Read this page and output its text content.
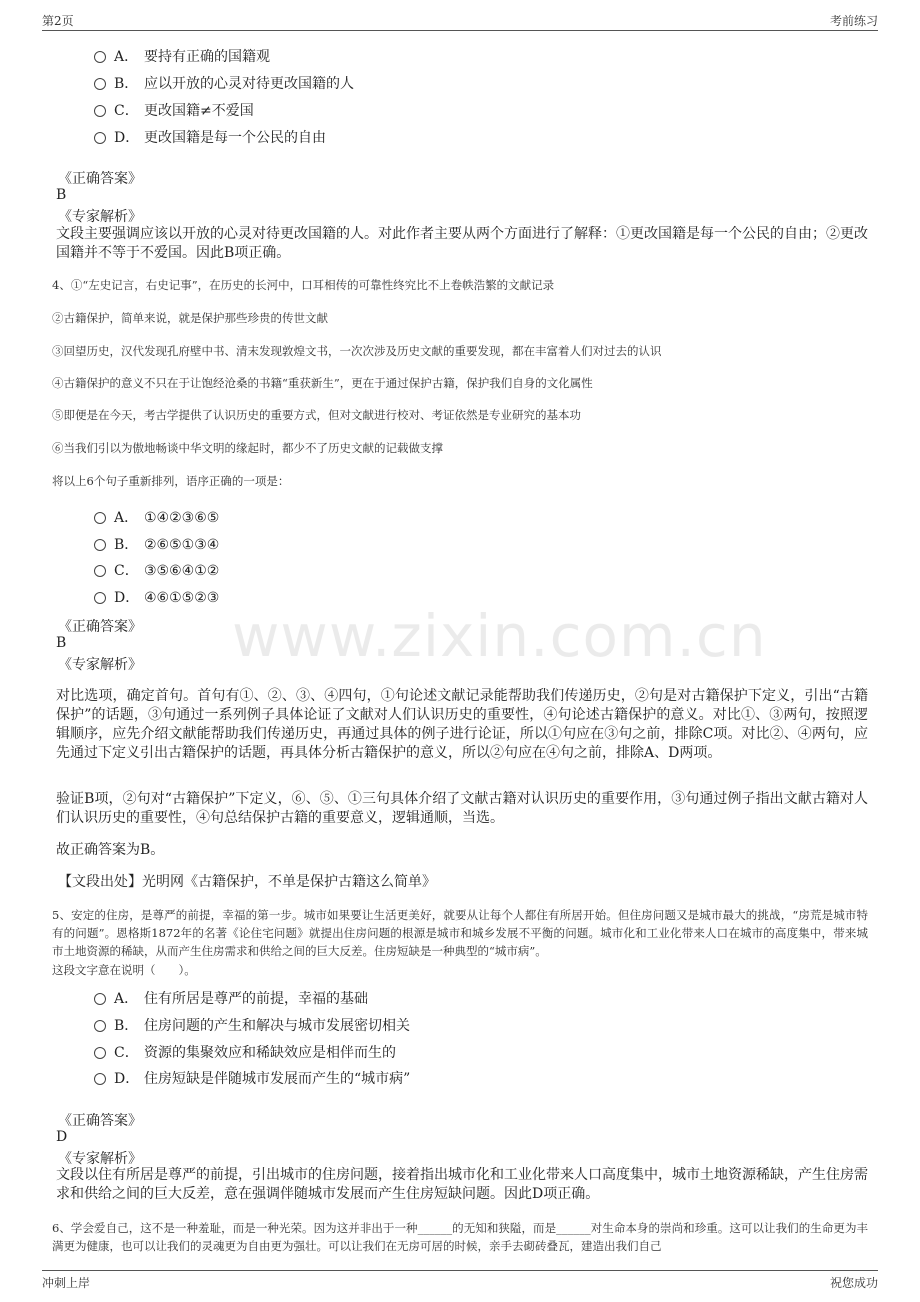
第2页	考前练习
www.zixin.com.cn
A． 要持有正确的国籍观
B． 应以开放的心灵对待更改国籍的人
C． 更改国籍≠不爱国
D． 更改国籍是每一个公民的自由
《正确答案》
B
《专家解析》
文段主要强调应该以开放的心灵对待更改国籍的人。对此作者主要从两个方面进行了解释：①更改国籍是每一个公民的自由；②更改国籍并不等于不爱国。因此B项正确。
4、①“左史记言，右史记事”，在历史的长河中，口耳相传的可靠性终究比不上卷帙浩繁的文献记录
②古籍保护，简单来说，就是保护那些珍贵的传世文献
③回望历史，汉代发现孔府壁中书、清末发现敦煌文书，一次次涉及历史文献的重要发现，都在丰富着人们对过去的认识
④古籍保护的意义不只在于让饱经沧桑的书籍“重获新生”，更在于通过保护古籍，保护我们自身的文化属性
⑤即便是在今天，考古学提供了认识历史的重要方式，但对文献进行校对、考证依然是专业研究的基本功
⑥当我们引以为傲地畅谈中华文明的缘起时，都少不了历史文献的记载做支撑
将以上6个句子重新排列，语序正确的一项是：
A． ①④②③⑥⑤
B． ②⑥⑤①③④
C． ③⑤⑥④①②
D． ④⑥①⑤②③
《正确答案》
B
《专家解析》
对比选项，确定首句。首句有①、②、③、④四句，①句论述文献记录能帮助我们传递历史，②句是对古籍保护下定义，引出“古籍保护”的话题，③句通过一系列例子具体论证了文献对人们认识历史的重要性，④句论述古籍保护的意义。对比①、③两句，按照逻辑顺序，应先介绍文献能帮助我们传递历史，再通过具体的例子进行论证，所以①句应在③句之前，排除C项。对比②、④两句，应先通过下定义引出古籍保护的话题，再具体分析古籍保护的意义，所以②句应在④句之前，排除A、D两项。
验证B项，②句对“古籍保护”下定义，⑥、⑤、①三句具体介绍了文献古籍对认识历史的重要作用，③句通过例子指出文献古籍对人们认识历史的重要性，④句总结保护古籍的重要意义，逻辑通顺，当选。
故正确答案为B。
【文段出处】光明网《古籍保护，不单是保护古籍这么简单》
5、安定的住房，是尊严的前提，幸福的第一步。城市如果要让生活更美好，就要从让每个人都住有所居开始。但住房问题又是城市最大的挑战，“房荒是城市特有的问题”。恩格斯1872年的名著《论住宅问题》就提出住房问题的根源是城市和城乡发展不平衡的问题。城市化和工业化带来人口在城市的高度集中，带来城市土地资源的稀缺，从而产生住房需求和供给之间的巨大反差。住房短缺是一种典型的“城市病”。
这段文字意在说明（　　）。
A． 住有所居是尊严的前提，幸福的基础
B． 住房问题的产生和解决与城市发展密切相关
C． 资源的集聚效应和稀缺效应是相伴而生的
D． 住房短缺是伴随城市发展而产生的“城市病”
《正确答案》
D
《专家解析》
文段以住有所居是尊严的前提，引出城市的住房问题，接着指出城市化和工业化带来人口高度集中，城市土地资源稀缺，产生住房需求和供给之间的巨大反差，意在强调伴随城市发展而产生住房短缺问题。因此D项正确。
6、学会爱自己，这不是一种羞耻，而是一种光荣。因为这并非出于一种______的无知和狭隘，而是______对生命本身的崇尚和珍重。这可以让我们的生命更为丰满更为健康，也可以让我们的灵魂更为自由更为强壮。可以让我们在无房可居的时候，亲手去砌砖叠瓦，建造出我们自己
冲刺上岸	祝您成功
